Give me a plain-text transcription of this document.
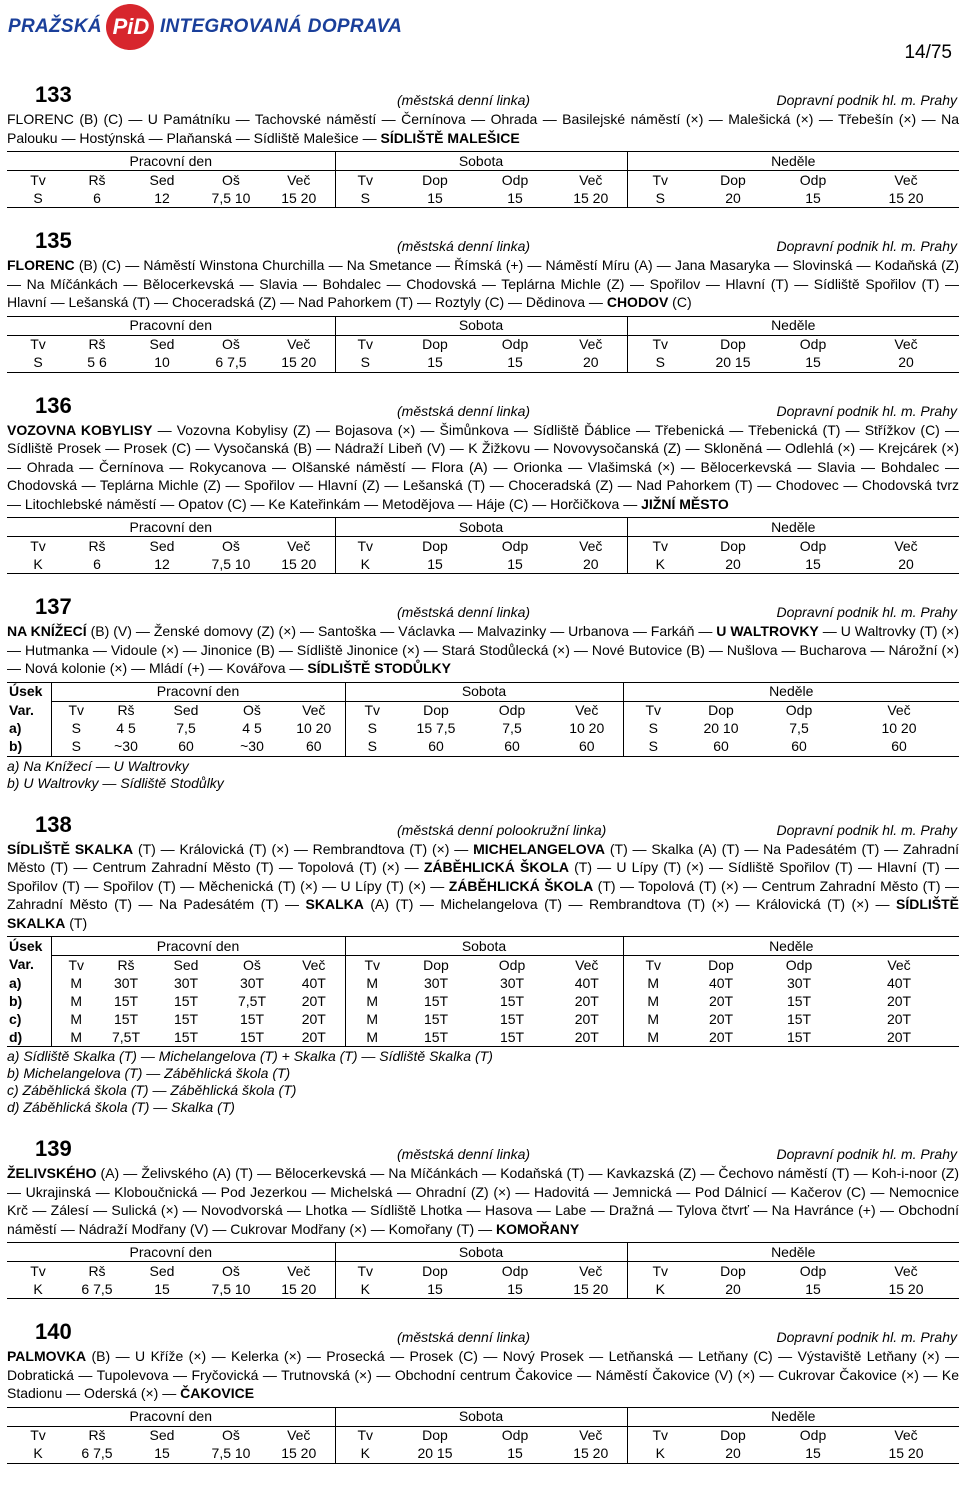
PRAŽSKÁ PiD INTEGROVANÁ DOPRAVA
14/75
133	(městská denní linka)	Dopravní podnik hl. m. Prahy
FLORENC (B) (C) — U Památníku — Tachovské náměstí — Černínova — Ohrada — Basilejské náměstí (×) — Malešická (×) — Třebešín (×) — Na Palouku — Hostýnská — Plaňanská — Sídliště Malešice — SÍDLIŠTĚ MALEŠICE
Pracovní den					Sobota				Neděle			
Tv	Rš	Sed	Oš	Več	Tv	Dop	Odp	Več	Tv	Dop	Odp	Več
S	6	12	7,5 10	15 20	S	15	15	15 20	S	20	15	15 20
135	(městská denní linka)	Dopravní podnik hl. m. Prahy
FLORENC (B) (C) — Náměstí Winstona Churchilla — Na Smetance — Římská (+) — Náměstí Míru (A) — Jana Masaryka — Slovinská — Kodaňská (Z) — Na Míčánkách — Bělocerkevská — Slavia — Bohdalec — Chodovská — Teplárna Michle (Z) — Spořilov — Hlavní (T) — Sídliště Spořilov (T) — Hlavní — Lešanská (T) — Choceradská (Z) — Nad Pahorkem (T) — Roztyly (C) — Dědinova — CHODOV (C)
Pracovní den					Sobota				Neděle			
Tv	Rš	Sed	Oš	Več	Tv	Dop	Odp	Več	Tv	Dop	Odp	Več
S	5 6	10	6 7,5	15 20	S	15	15	20	S	20 15	15	20
136	(městská denní linka)	Dopravní podnik hl. m. Prahy
VOZOVNA KOBYLISY — Vozovna Kobylisy (Z) — Bojasova (×) — Šimůnkova — Sídliště Ďáblice — Třebenická — Třebenická (T) — Střížkov (C) — Sídliště Prosek — Prosek (C) — Vysočanská (B) — Nádraží Libeň (V) — K Žižkovu — Novovysočanská (Z) — Skloněná — Odlehlá (×) — Krejcárek (×) — Ohrada — Černínova — Rokycanova — Olšanské náměstí — Flora (A) — Orionka — Vlašimská (×) — Bělocerkevská — Slavia — Bohdalec — Chodovská — Teplárna Michle (Z) — Spořilov — Hlavní (Z) — Lešanská (T) — Choceradská (Z) — Nad Pahorkem (T) — Chodovec — Chodovská tvrz — Litochlebské náměstí — Opatov (C) — Ke Kateřinkám — Metodějova — Háje (C) — Horčičkova — JIŽNÍ MĚSTO
Pracovní den					Sobota				Neděle			
Tv	Rš	Sed	Oš	Več	Tv	Dop	Odp	Več	Tv	Dop	Odp	Več
K	6	12	7,5 10	15 20	K	15	15	20	K	20	15	20
137	(městská denní linka)	Dopravní podnik hl. m. Prahy
NA KNÍŽECÍ (B) (V) — Ženské domovy (Z) (×) — Santoška — Václavka — Malvazinky — Urbanova — Farkáň — U WALTROVKY — U Waltrovky (T) (×) — Hutmanka — Vidoule (×) — Jinonice (B) — Sídliště Jinonice (×) — Stará Stodůlecká (×) — Nové Butovice (B) — Nušlova — Bucharova — Nárožní (×) — Nová kolonie (×) — Mládí (+) — Kovářova — SÍDLIŠTĚ STODŮLKY
Úsek	Pracovní den					Sobota				Neděle			
Var.	Tv	Rš	Sed	Oš	Več	Tv	Dop	Odp	Več	Tv	Dop	Odp	Več
a)	S	4 5	7,5	4 5	10 20	S	15 7,5	7,5	10 20	S	20 10	7,5	10 20
b)	S	~30	60	~30	60	S	60	60	60	S	60	60	60
a) Na Knížecí — U Waltrovky
b) U Waltrovky — Sídliště Stodůlky
138	(městská denní polookružní linka)	Dopravní podnik hl. m. Prahy
SÍDLIŠTĚ SKALKA (T) — Královická (T) (×) — Rembrandtova (T) (×) — MICHELANGELOVA (T) — Skalka (A) (T) — Na Padesátém (T) — Zahradní Město (T) — Centrum Zahradní Město (T) — Topolová (T) (×) — ZÁBĚHLICKÁ ŠKOLA (T) — U Lípy (T) (×) — Sídliště Spořilov (T) — Hlavní (T) — Spořilov (T) — Spořilov (T) — Měchenická (T) (×) — U Lípy (T) (×) — ZÁBĚHLICKÁ ŠKOLA (T) — Topolová (T) (×) — Centrum Zahradní Město (T) — Zahradní Město (T) — Na Padesátém (T) — SKALKA (A) (T) — Michelangelova (T) — Rembrandtova (T) (×) — Královická (T) (×) — SÍDLIŠTĚ SKALKA (T)
Úsek	Pracovní den					Sobota				Neděle			
Var.	Tv	Rš	Sed	Oš	Več	Tv	Dop	Odp	Več	Tv	Dop	Odp	Več
a)	M	30T	30T	30T	40T	M	30T	30T	40T	M	40T	30T	40T
b)	M	15T	15T	7,5T	20T	M	15T	15T	20T	M	20T	15T	20T
c)	M	15T	15T	15T	20T	M	15T	15T	20T	M	20T	15T	20T
d)	M	7,5T	15T	15T	20T	M	15T	15T	20T	M	20T	15T	20T
a) Sídliště Skalka (T) — Michelangelova (T) + Skalka (T) — Sídliště Skalka (T)
b) Michelangelova (T) — Záběhlická škola (T)
c) Záběhlická škola (T) — Záběhlická škola (T)
d) Záběhlická škola (T) — Skalka (T)
139	(městská denní linka)	Dopravní podnik hl. m. Prahy
ŽELIVSKÉHO (A) — Želivského (A) (T) — Bělocerkevská — Na Míčánkách — Kodaňská (T) — Kavkazská (Z) — Čechovo náměstí (T) — Koh-i-noor (Z) — Ukrajinská — Kloboučnická — Pod Jezerkou — Michelská — Ohradní (Z) (×) — Hadovitá — Jemnická — Pod Dálnicí — Kačerov (C) — Nemocnice Krč — Zálesí — Sulická (×) — Novodvorská — Lhotka — Sídliště Lhotka — Hasova — Labe — Dražná — Tylova čtvrť — Na Havránce (+) — Obchodní náměstí — Nádraží Modřany (V) — Cukrovar Modřany (×) — Komořany (T) — KOMOŘANY
Pracovní den					Sobota				Neděle			
Tv	Rš	Sed	Oš	Več	Tv	Dop	Odp	Več	Tv	Dop	Odp	Več
K	6 7,5	15	7,5 10	15 20	K	15	15	15 20	K	20	15	15 20
140	(městská denní linka)	Dopravní podnik hl. m. Prahy
PALMOVKA (B) — U Kříže (×) — Kelerka (×) — Prosecká — Prosek (C) — Nový Prosek — Letňanská — Letňany (C) — Výstaviště Letňany (×) — Dobratická — Tupolevova — Fryčovická — Trutnovská (×) — Obchodní centrum Čakovice — Náměstí Čakovice (V) (×) — Cukrovar Čakovice (×) — Ke Stadionu — Oderská (×) — ČAKOVICE
Pracovní den					Sobota				Neděle			
Tv	Rš	Sed	Oš	Več	Tv	Dop	Odp	Več	Tv	Dop	Odp	Več
K	6 7,5	15	7,5 10	15 20	K	20 15	15	15 20	K	20	15	15 20
